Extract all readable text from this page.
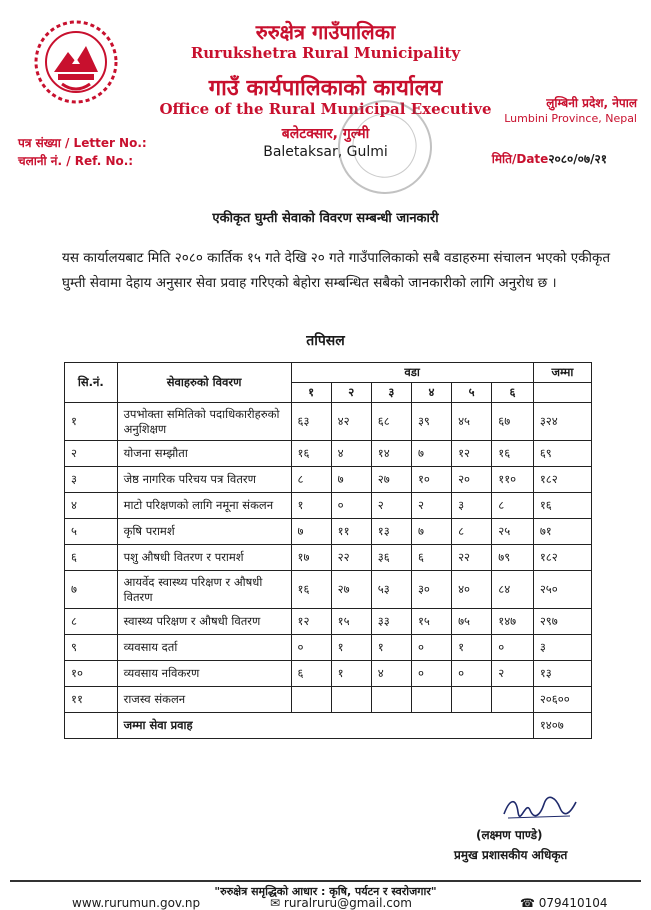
रुरुक्षेत्र गाउँपालिका
Rurukshetra Rural Municipality
गाउँ कार्यपालिकाको कार्यालय
Office of the Rural Municipal Executive
बलेटक्सार, गुल्मी
Baletaksar, Gulmi
लुम्बिनी प्रदेश, नेपाल
Lumbini Province, Nepal
पत्र संख्या / Letter No.:
चलानी नं. / Ref. No.:	मिति/Date२०८०/०७/२१
एकीकृत घुम्ती सेवाको विवरण सम्बन्धी जानकारी
यस कार्यालयबाट मिति २०८० कार्तिक १५ गते देखि २० गते गाउँपालिकाको सबै वडाहरुमा संचालन भएको एकीकृत घुम्ती सेवामा देहाय अनुसार सेवा प्रवाह गरिएको बेहोरा सम्बन्धित सबैको जानकारीको लागि अनुरोध छ ।
तपिसल
सि.नं.	सेवाहरुको विवरण	वडा						जम्मा
		१	२	३	४	५	६	
१	उपभोक्ता समितिको पदाधिकारीहरुको अनुशिक्षण	६३	४२	६८	३९	४५	६७	३२४
२	योजना सम्झौता	१६	४	१४	७	१२	१६	६९
३	जेष्ठ नागरिक परिचय पत्र वितरण	८	७	२७	१०	२०	११०	१८२
४	माटो परिक्षणको लागि नमूना संकलन	१	०	२	२	३	८	१६
५	कृषि परामर्श	७	११	१३	७	८	२५	७१
६	पशु औषधी वितरण र परामर्श	१७	२२	३६	६	२२	७९	१८२
७	आयर्वेद स्वास्थ्य परिक्षण र औषधी वितरण	१६	२७	५३	३०	४०	८४	२५०
८	स्वास्थ्य परिक्षण र औषधी वितरण	१२	१५	३३	१५	७५	१४७	२९७
९	व्यवसाय दर्ता	०	१	१	०	१	०	३
१०	व्यवसाय नविकरण	६	१	४	०	०	२	१३
११	राजस्व संकलन							२०६००
	जम्मा सेवा प्रवाह							१४०७
(लक्ष्मण पाण्डे)
प्रमुख प्रशासकीय अधिकृत
"रुरुक्षेत्र समृद्धिको आधार : कृषि, पर्यटन र स्वरोजगार"
www.rurumun.gov.np	✉ ruralruru@gmail.com	☎ 079410104
